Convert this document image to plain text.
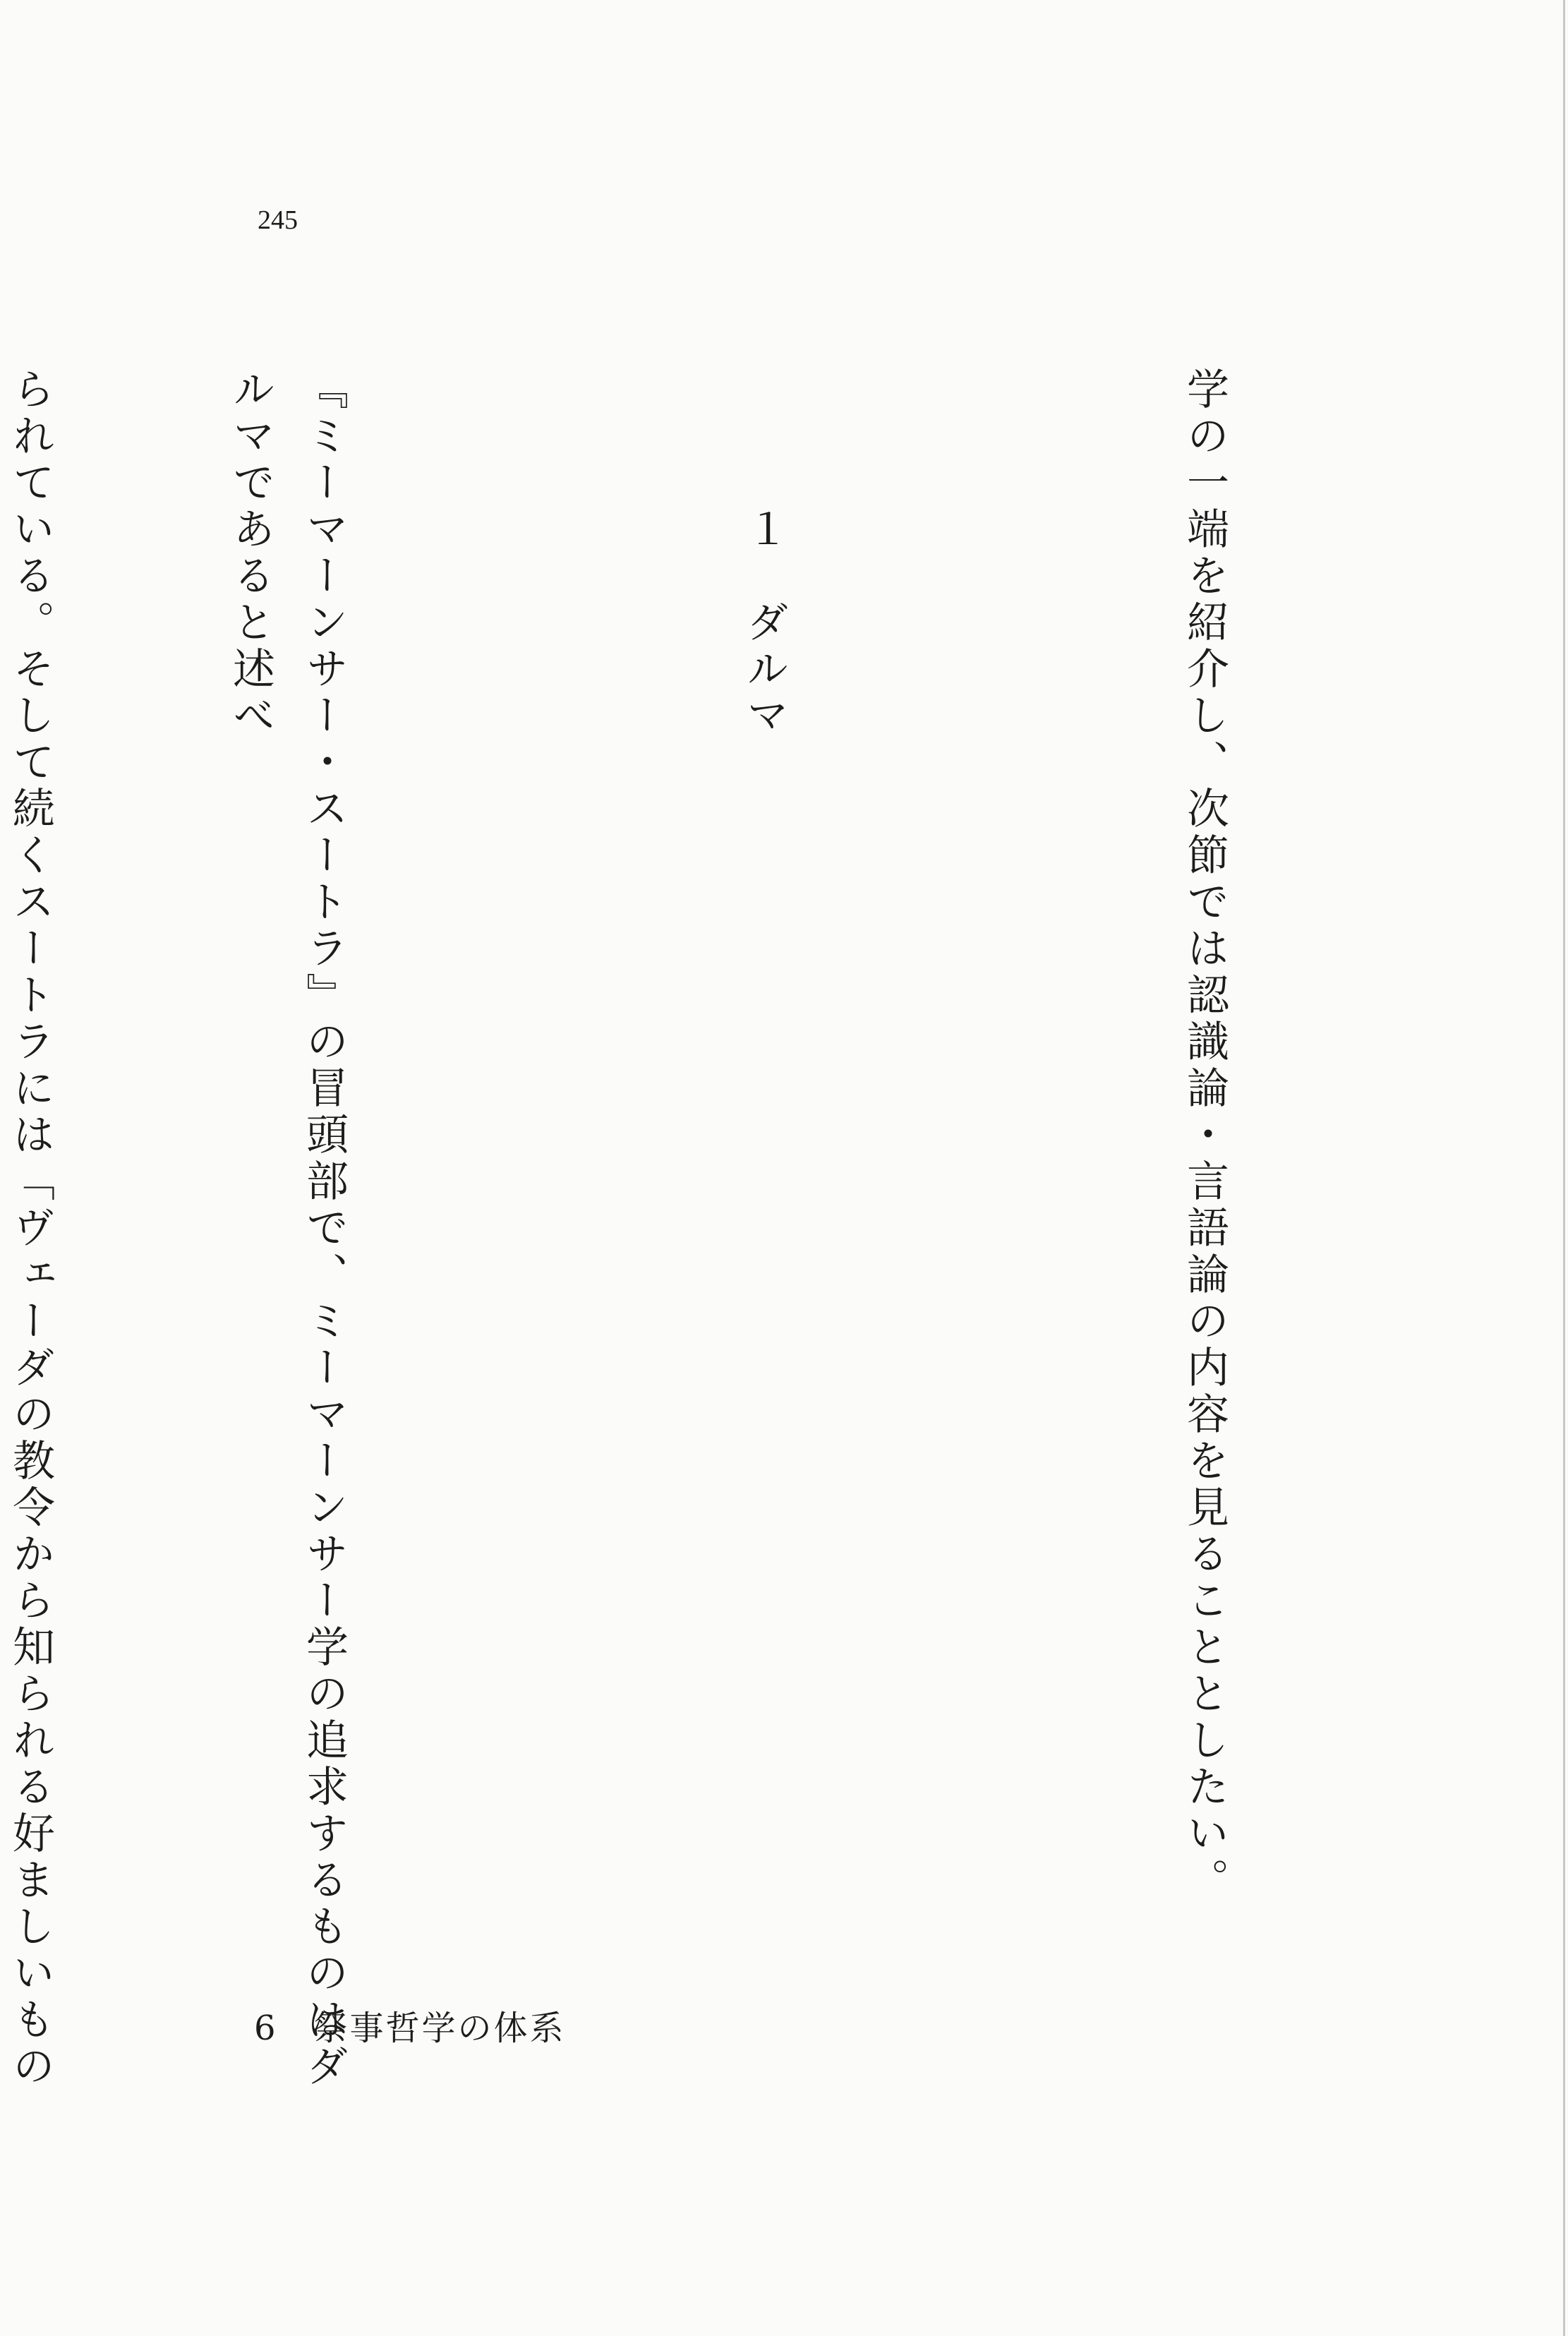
245

学の一端を紹介し、次節では認識論・言語論の内容を見ることとしたい。

　　　１　ダルマ

『ミーマーンサー・スートラ』の冒頭部で、ミーマーンサー学の追求するものはダルマであると述べ

られている。そして続くスートラには「ヴェーダの教令から知られる好ましいもの

6　祭事哲学の体系
